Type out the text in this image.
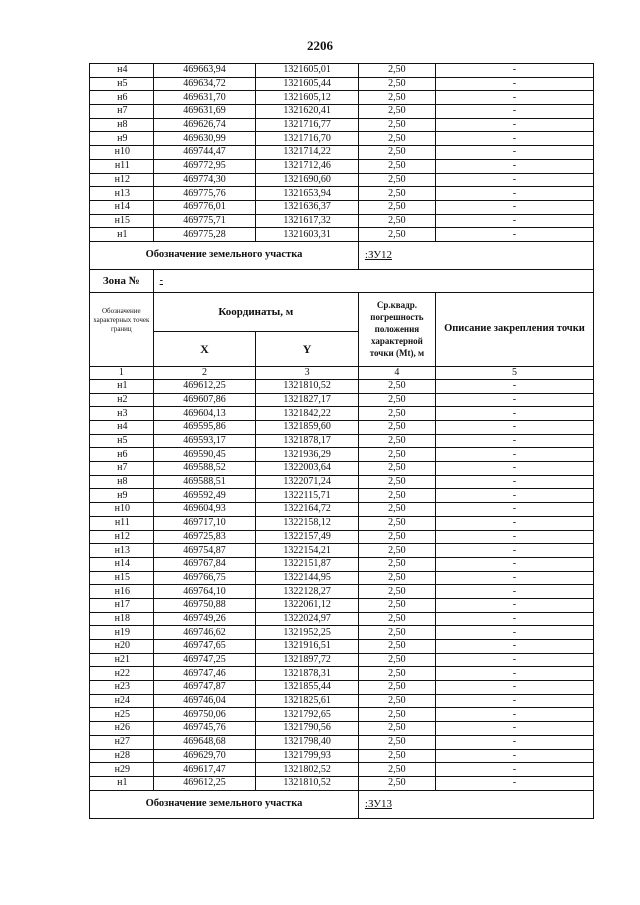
2206
н4	469663,94	1321605,01	2,50	-
н5	469634,72	1321605,44	2,50	-
н6	469631,70	1321605,12	2,50	-
н7	469631,69	1321620,41	2,50	-
н8	469626,74	1321716,77	2,50	-
н9	469630,99	1321716,70	2,50	-
н10	469744,47	1321714,22	2,50	-
н11	469772,95	1321712,46	2,50	-
н12	469774,30	1321690,60	2,50	-
н13	469775,76	1321653,94	2,50	-
н14	469776,01	1321636,37	2,50	-
н15	469775,71	1321617,32	2,50	-
н1	469775,28	1321603,31	2,50	-
Обозначение земельного участка			:ЗУ12	
Зона №	-			
Обозначение характерных точек границ	Координаты, м		Ср.квадр. погрешность положения характерной точки (Mt), м	Описание закрепления точки
	X	Y		
1	2	3	4	5
н1	469612,25	1321810,52	2,50	-
н2	469607,86	1321827,17	2,50	-
н3	469604,13	1321842,22	2,50	-
н4	469595,86	1321859,60	2,50	-
н5	469593,17	1321878,17	2,50	-
н6	469590,45	1321936,29	2,50	-
н7	469588,52	1322003,64	2,50	-
н8	469588,51	1322071,24	2,50	-
н9	469592,49	1322115,71	2,50	-
н10	469604,93	1322164,72	2,50	-
н11	469717,10	1322158,12	2,50	-
н12	469725,83	1322157,49	2,50	-
н13	469754,87	1322154,21	2,50	-
н14	469767,84	1322151,87	2,50	-
н15	469766,75	1322144,95	2,50	-
н16	469764,10	1322128,27	2,50	-
н17	469750,88	1322061,12	2,50	-
н18	469749,26	1322024,97	2,50	-
н19	469746,62	1321952,25	2,50	-
н20	469747,65	1321916,51	2,50	-
н21	469747,25	1321897,72	2,50	-
н22	469747,46	1321878,31	2,50	-
н23	469747,87	1321855,44	2,50	-
н24	469746,04	1321825,61	2,50	-
н25	469750,06	1321792,65	2,50	-
н26	469745,76	1321790,56	2,50	-
н27	469648,68	1321798,40	2,50	-
н28	469629,70	1321799,93	2,50	-
н29	469617,47	1321802,52	2,50	-
н1	469612,25	1321810,52	2,50	-
Обозначение земельного участка			:ЗУ13	
